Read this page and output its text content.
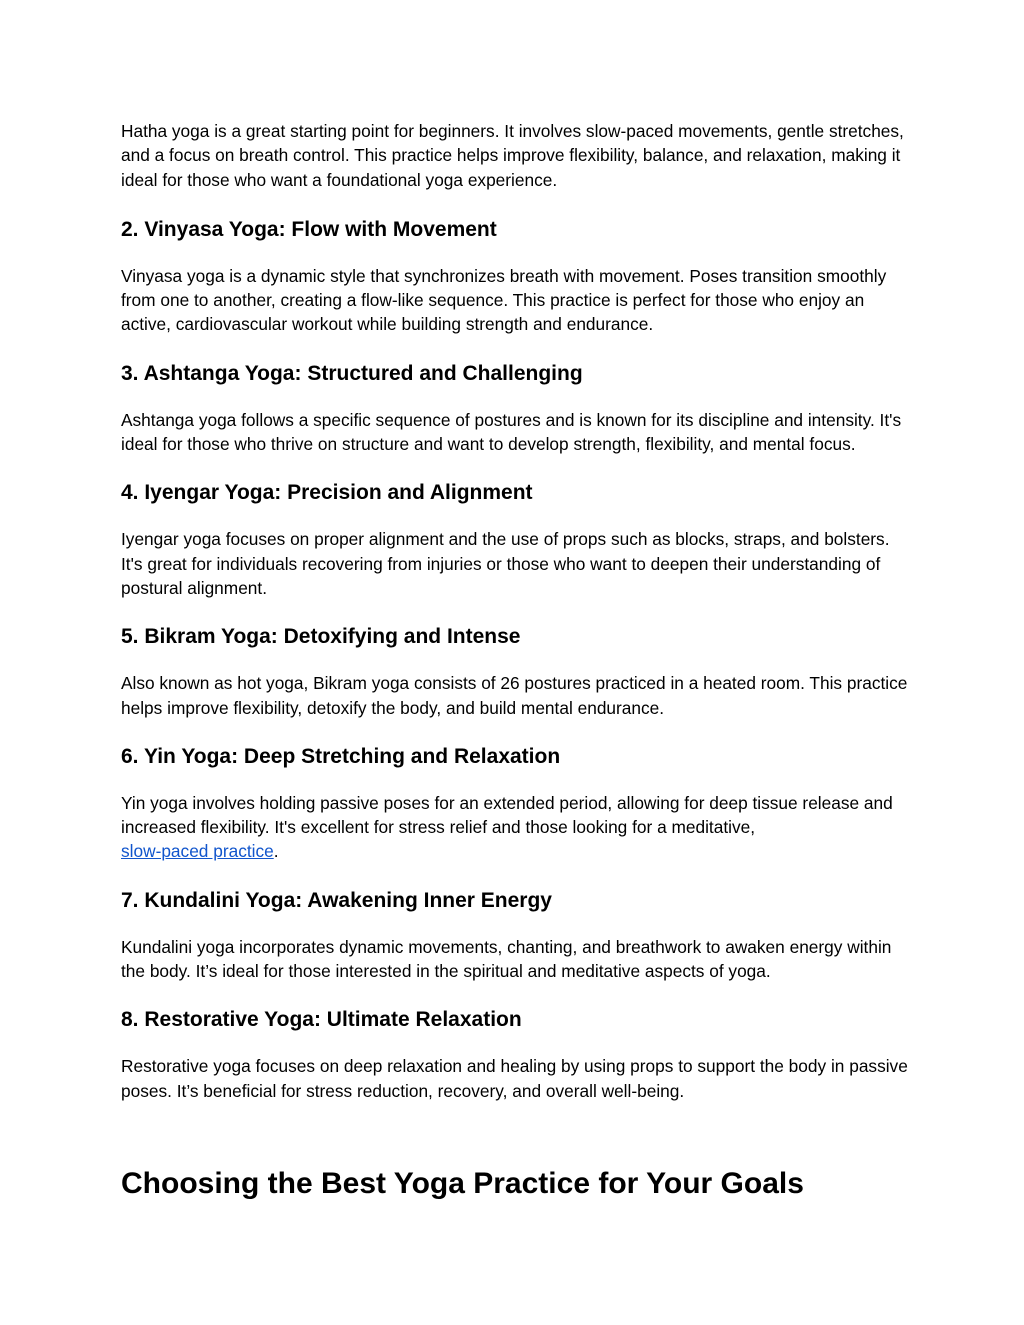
Hatha yoga is a great starting point for beginners. It involves slow-paced movements, gentle stretches, and a focus on breath control. This practice helps improve flexibility, balance, and relaxation, making it ideal for those who want a foundational yoga experience.

2. Vinyasa Yoga: Flow with Movement

Vinyasa yoga is a dynamic style that synchronizes breath with movement. Poses transition smoothly from one to another, creating a flow-like sequence. This practice is perfect for those who enjoy an active, cardiovascular workout while building strength and endurance.

3. Ashtanga Yoga: Structured and Challenging

Ashtanga yoga follows a specific sequence of postures and is known for its discipline and intensity. It's ideal for those who thrive on structure and want to develop strength, flexibility, and mental focus.

4. Iyengar Yoga: Precision and Alignment

Iyengar yoga focuses on proper alignment and the use of props such as blocks, straps, and bolsters. It's great for individuals recovering from injuries or those who want to deepen their understanding of postural alignment.

5. Bikram Yoga: Detoxifying and Intense

Also known as hot yoga, Bikram yoga consists of 26 postures practiced in a heated room. This practice helps improve flexibility, detoxify the body, and build mental endurance.

6. Yin Yoga: Deep Stretching and Relaxation

Yin yoga involves holding passive poses for an extended period, allowing for deep tissue release and increased flexibility. It's excellent for stress relief and those looking for a meditative,
slow-paced practice.

7. Kundalini Yoga: Awakening Inner Energy

Kundalini yoga incorporates dynamic movements, chanting, and breathwork to awaken energy within the body. It’s ideal for those interested in the spiritual and meditative aspects of yoga.

8. Restorative Yoga: Ultimate Relaxation

Restorative yoga focuses on deep relaxation and healing by using props to support the body in passive poses. It’s beneficial for stress reduction, recovery, and overall well-being.

Choosing the Best Yoga Practice for Your Goals
